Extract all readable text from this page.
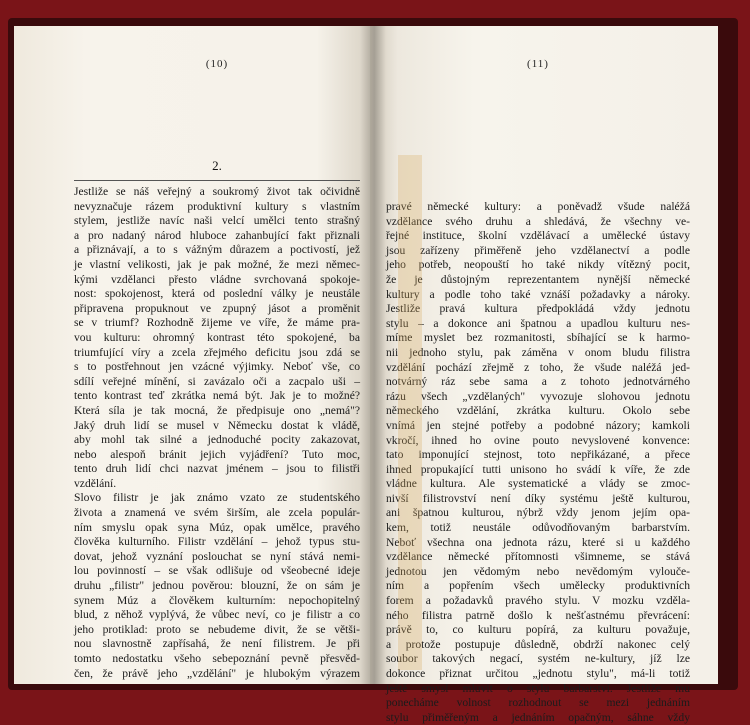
(10)
2.
Jestliže se náš veřejný a soukromý život tak očividně
nevyznačuje rázem produktivní kultury s vlastním
stylem, jestliže navíc naši velcí umělci tento strašný
a pro nadaný národ hluboce zahanbující fakt přiznali
a přiznávají, a to s vážným důrazem a poctivostí, jež
je vlastní velikosti, jak je pak možné, že mezi němec-
kými vzdělanci přesto vládne svrchovaná spokoje-
nost: spokojenost, která od poslední války je neustále
připravena propuknout ve zpupný jásot a proměnit
se v triumf? Rozhodně žijeme ve víře, že máme pra-
vou kulturu: ohromný kontrast této spokojené, ba
triumfující víry a zcela zřejmého deficitu jsou zdá se
s to postřehnout jen vzácné výjimky. Neboť vše, co
sdílí veřejné mínění, si zavázalo oči a zacpalo uši –
tento kontrast teď zkrátka nemá být. Jak je to možné?
Která síla je tak mocná, že předpisuje ono „nemá"?
Jaký druh lidí se musel v Německu dostat k vládě,
aby mohl tak silné a jednoduché pocity zakazovat,
nebo alespoň bránit jejich vyjádření? Tuto moc,
tento druh lidí chci nazvat jménem – jsou to filistři
vzdělání.
Slovo filistr je jak známo vzato ze studentského
života a znamená ve svém širším, ale zcela populár-
ním smyslu opak syna Múz, opak umělce, pravého
člověka kulturního. Filistr vzdělání – jehož typus stu-
dovat, jehož vyznání poslouchat se nyní stává nemi-
lou povinností – se však odlišuje od všeobecné ideje
druhu „filistr" jednou pověrou: blouzní, že on sám je
synem Múz a člověkem kulturním: nepochopitelný
blud, z něhož vyplývá, že vůbec neví, co je filistr a co
jeho protiklad: proto se nebudeme divit, že se větši-
nou slavnostně zapřísahá, že není filistrem. Je při
tomto nedostatku všeho sebepoznání pevně přesvěd-
čen, že právě jeho „vzdělání" je hlubokým výrazem
(11)
pravé německé kultury: a poněvadž všude naléžá
vzdělance svého druhu a shledává, že všechny ve-
řejné instituce, školní vzdělávací a umělecké ústavy
jsou zařízeny přiměřeně jeho vzdělanectví a podle
jeho potřeb, neopouští ho také nikdy vítězný pocit,
že je důstojným reprezentantem nynější německé
kultury a podle toho také vznáší požadavky a nároky.
Jestliže pravá kultura předpokládá vždy jednotu
stylu – a dokonce ani špatnou a upadlou kulturu nes-
míme myslet bez rozmanitosti, sbíhající se k harmo-
nii jednoho stylu, pak záměna v onom bludu filistra
vzdělání pochází zřejmě z toho, že všude naléžá jed-
notvárný ráz sebe sama a z tohoto jednotvárného
rázu všech „vzdělaných" vyvozuje slohovou jednotu
německého vzdělání, zkrátka kulturu. Okolo sebe
vnímá jen stejné potřeby a podobné názory; kamkoli
vkročí, ihned ho ovine pouto nevyslovené konvence:
tato imponující stejnost, toto nepřikázané, a přece
ihned propukající tutti unisono ho svádí k víře, že zde
vládne kultura. Ale systematické a vlády se zmoc-
nivší filistrovství není díky systému ještě kulturou,
ani špatnou kulturou, nýbrž vždy jenom jejím opa-
kem, totiž neustále odůvodňovaným barbarstvím.
Neboť všechna ona jednota rázu, které si u každého
vzdělance německé přítomnosti všimneme, se stává
jednotou jen vědomým nebo nevědomým vylouče-
ním a popřením všech umělecky produktivních
forem a požadavků pravého stylu. V mozku vzděla-
ného filistra patrně došlo k nešťastnému převrácení:
právě to, co kulturu popírá, za kulturu považuje,
a protože postupuje důsledně, obdrží nakonec celý
soubor takových negací, systém ne-kultury, jíž lze
dokonce přiznat určitou „jednotu stylu", má-li totiž
ještě smysl mluvit o stylu barbarství. Jestliže mu
ponecháme volnost rozhodnout se mezi jednáním
stylu přiměřeným a jednáním opačným, sáhne vždy
